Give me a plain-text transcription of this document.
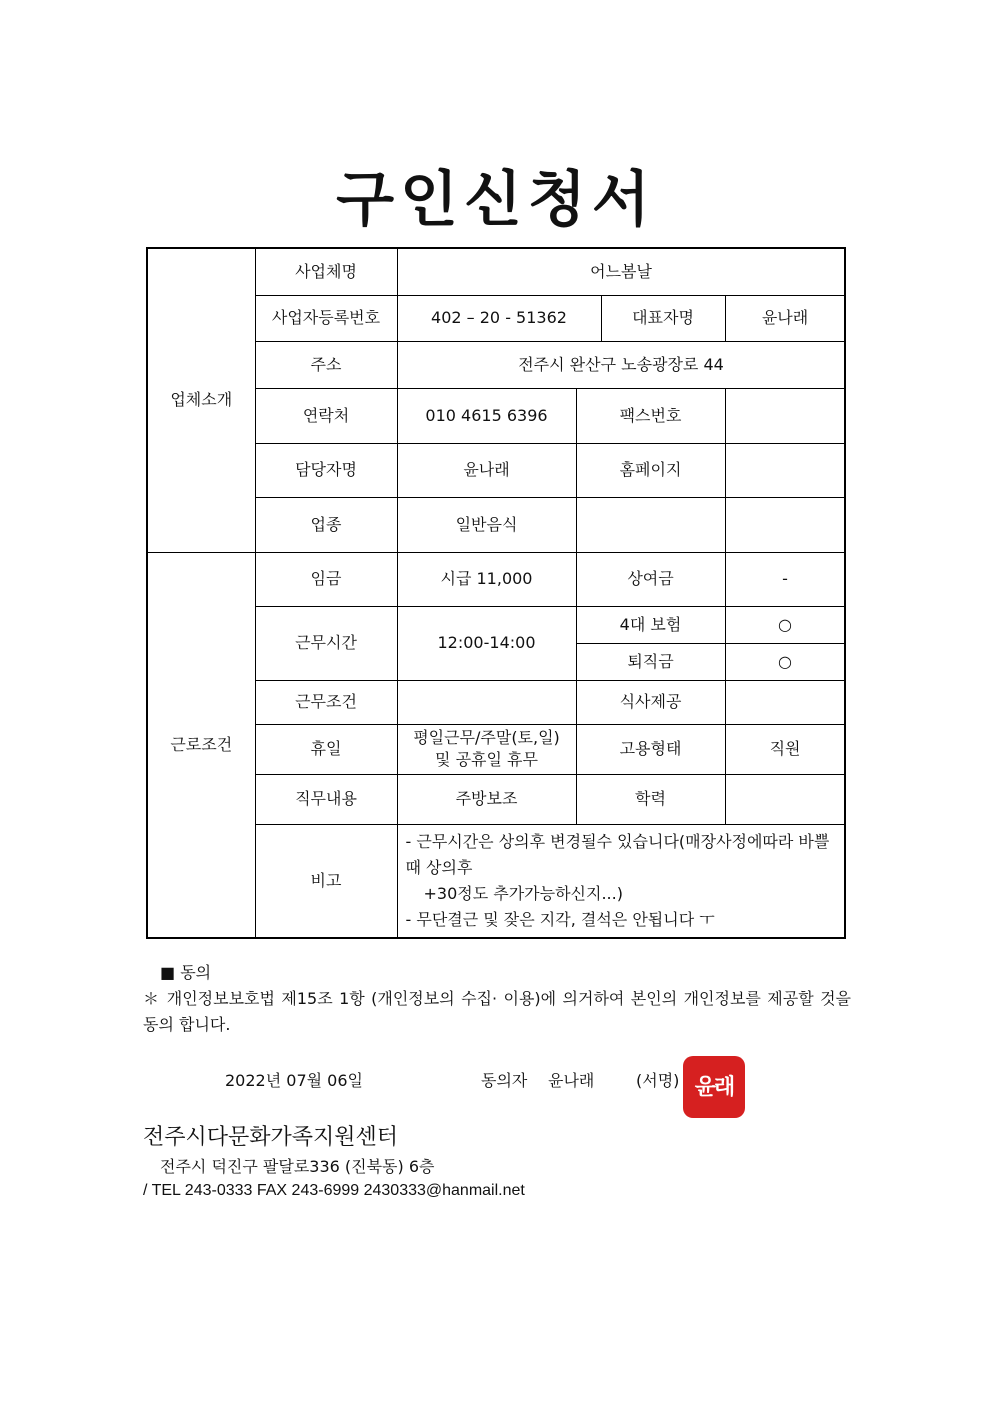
구인신청서
업체소개	사업체명	어느봄날			
	사업자등록번호	402 – 20 - 51362		대표자명	윤나래
	주소	전주시 완산구 노송광장로 44			
	연락처	010 4615 6396	팩스번호		
	담당자명	윤나래	홈페이지		
	업종	일반음식			
근로조건	임금	시급 11,000	상여금		-
	근무시간	12:00-14:00	4대 보험		○
			퇴직금		○
	근무조건		식사제공		
	휴일	평일근무/주말(토,일)
및 공휴일 휴무	고용형태		직원
	직무내용	주방보조	학력		
	비고	- 근무시간은 상의후 변경될수 있습니다(매장사정에따라 바쁠 때 상의후
+30정도 추가가능하신지...)
- 무단결근 및 잦은 지각, 결석은 안됩니다 ㅜ			
■ 동의
＊ 개인정보보호법 제15조 1항 (개인정보의 수집· 이용)에 의거하여 본인의 개인정보를 제공할 것을 동의 합니다.
2022년 07월 06일	동의자 윤나래	(서명) 윤래
전주시다문화가족지원센터
전주시 덕진구 팔달로336 (진북동) 6층
/ TEL 243-0333 FAX 243-6999 2430333@hanmail.net
